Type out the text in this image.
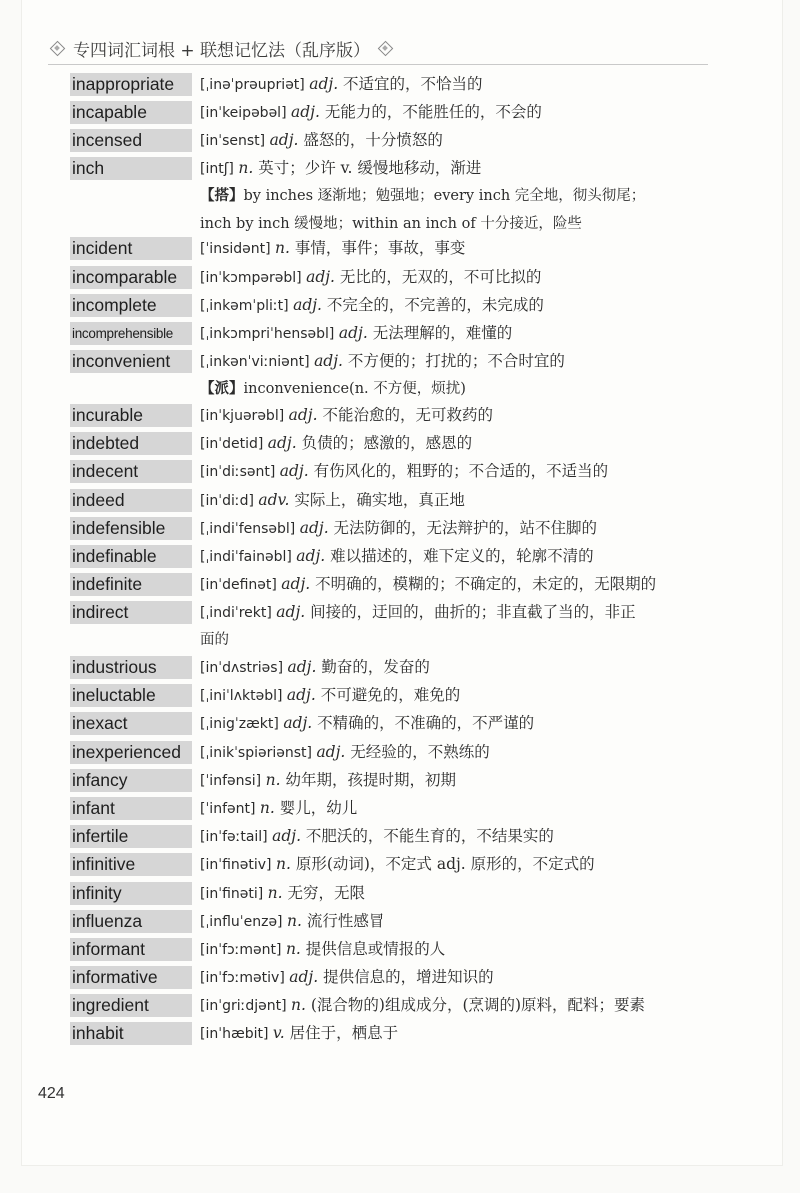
专四词汇词根 + 联想记忆法（乱序版）
inappropriate	[ˌinəˈprəupriət] adj. 不适宜的，不恰当的
incapable	[inˈkeipəbəl] adj. 无能力的，不能胜任的，不会的
incensed	[inˈsenst] adj. 盛怒的，十分愤怒的
inch	[intʃ] n. 英寸；少许 v. 缓慢地移动，渐进
【搭】by inches 逐渐地；勉强地；every inch 完全地，彻头彻尾；
inch by inch 缓慢地；within an inch of 十分接近，险些
incident	[ˈinsidənt] n. 事情，事件；事故，事变
incomparable	[inˈkɔmpərəbl] adj. 无比的，无双的，不可比拟的
incomplete	[ˌinkəmˈpliːt] adj. 不完全的，不完善的，未完成的
incomprehensible	[ˌinkɔmpriˈhensəbl] adj. 无法理解的，难懂的
inconvenient	[ˌinkənˈviːniənt] adj. 不方便的；打扰的；不合时宜的
【派】inconvenience(n. 不方便，烦扰)
incurable	[inˈkjuərəbl] adj. 不能治愈的，无可救药的
indebted	[inˈdetid] adj. 负债的；感激的，感恩的
indecent	[inˈdiːsənt] adj. 有伤风化的，粗野的；不合适的，不适当的
indeed	[inˈdiːd] adv. 实际上，确实地，真正地
indefensible	[ˌindiˈfensəbl] adj. 无法防御的，无法辩护的，站不住脚的
indefinable	[ˌindiˈfainəbl] adj. 难以描述的，难下定义的，轮廓不清的
indefinite	[inˈdefinət] adj. 不明确的，模糊的；不确定的，未定的，无限期的
indirect	[ˌindiˈrekt] adj. 间接的，迂回的，曲折的；非直截了当的，非正
面的
industrious	[inˈdʌstriəs] adj. 勤奋的，发奋的
ineluctable	[ˌiniˈlʌktəbl] adj. 不可避免的，难免的
inexact	[ˌinigˈzækt] adj. 不精确的，不准确的，不严谨的
inexperienced	[ˌinikˈspiəriənst] adj. 无经验的，不熟练的
infancy	[ˈinfənsi] n. 幼年期，孩提时期，初期
infant	[ˈinfənt] n. 婴儿，幼儿
infertile	[inˈfəːtail] adj. 不肥沃的，不能生育的，不结果实的
infinitive	[inˈfinətiv] n. 原形(动词)，不定式 adj. 原形的，不定式的
infinity	[inˈfinəti] n. 无穷，无限
influenza	[ˌinfluˈenzə] n. 流行性感冒
informant	[inˈfɔːmənt] n. 提供信息或情报的人
informative	[inˈfɔːmətiv] adj. 提供信息的，增进知识的
ingredient	[inˈgriːdjənt] n. (混合物的)组成成分，(烹调的)原料，配料；要素
inhabit	[inˈhæbit] v. 居住于，栖息于
424
